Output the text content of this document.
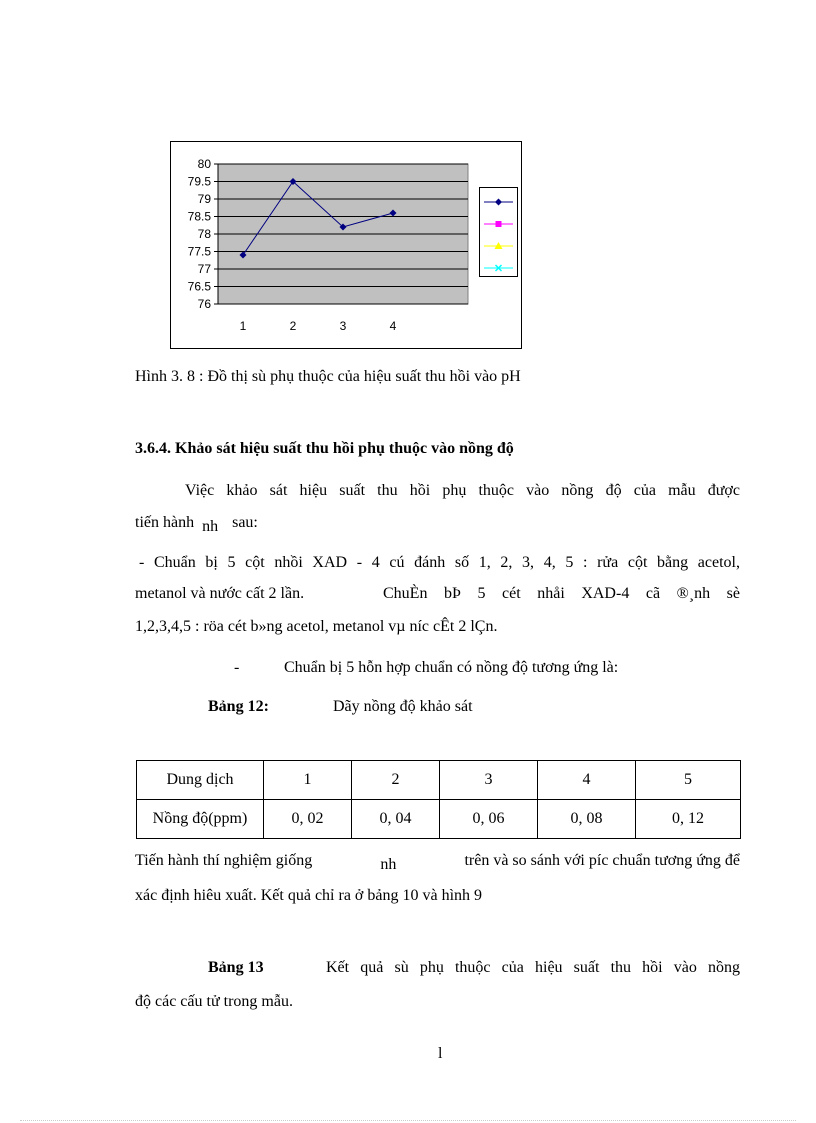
80
79.5
79
78.5
78
77.5
77
76.5
76
1	2	3	4
Hình 3. 8 : Đồ thị sù phụ thuộc của hiệu suất thu hồi vào pH
3.6.4. Khảo sát hiệu suất thu hồi phụ thuộc vào nồng độ
Việc khảo sát hiệu suất thu hồi phụ thuộc vào nồng độ của mẫu được
tiến hành nh sau:
- Chuẩn bị 5 cột nhồi XAD - 4 cú đánh số 1, 2, 3, 4, 5 : rửa cột bằng acetol,
metanol và nước cất 2 lần.	ChuÈn bÞ 5 cét nhåi XAD-4 cã ®¸nh sè
1,2,3,4,5 : röa cét b»ng acetol, metanol vµ níc cÊt 2 lÇn.
-	Chuẩn bị 5 hỗn hợp chuẩn có nồng độ tương ứng là:
Bảng 12:	Dãy nồng độ khảo sát
Dung dịch	1	2	3	4	5
Nồng độ(ppm)	0, 02	0, 04	0, 06	0, 08	0, 12
Tiến hành thí nghiệm giống	nh	trên và so sánh với píc chuẩn tương ứng để
xác định hiêu xuất. Kết quả chỉ ra ở bảng 10 và hình 9
Bảng 13	Kết quả sù phụ thuộc của hiệu suất thu hồi vào nồng
độ các cấu tử trong mẫu.
l
